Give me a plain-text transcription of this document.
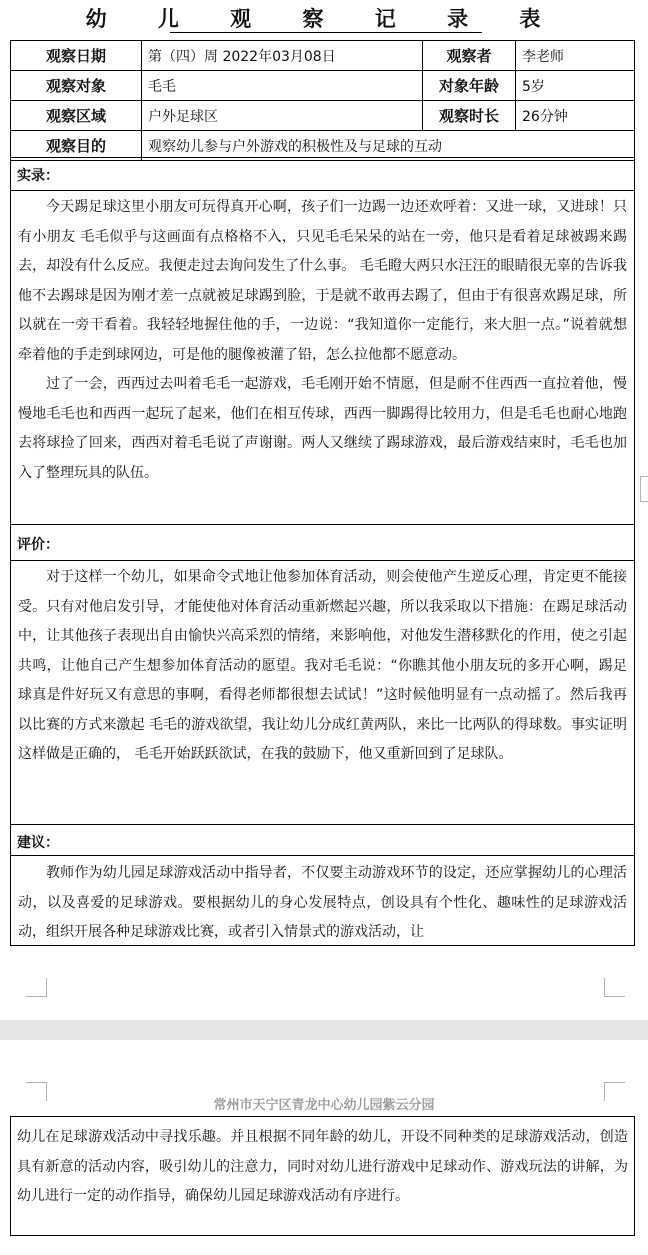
幼 儿 观 察 记 录 表
观察日期	第（四）周 2022年03月08日	观察者	李老师
观察对象	毛毛	对象年龄	5岁
观察区域	户外足球区	观察时长	26分钟
观察目的	观察幼儿参与户外游戏的积极性及与足球的互动		
实录：

今天踢足球这里小朋友可玩得真开心啊，孩子们一边踢一边还欢呼着：又进一球，又进球！只有小朋友 毛毛似乎与这画面有点格格不入，只见毛毛呆呆的站在一旁，他只是看着足球被踢来踢去，却没有什么反应。我便走过去询问发生了什么事。 毛毛瞪大两只水汪汪的眼睛很无辜的告诉我他不去踢球是因为刚才差一点就被足球踢到脸，于是就不敢再去踢了，但由于有很喜欢踢足球，所以就在一旁干看着。我轻轻地握住他的手，一边说：“我知道你一定能行，来大胆一点。”说着就想牵着他的手走到球网边，可是他的腿像被灌了铅，怎么拉他都不愿意动。

过了一会，西西过去叫着毛毛一起游戏，毛毛刚开始不情愿，但是耐不住西西一直拉着他，慢慢地毛毛也和西西一起玩了起来，他们在相互传球，西西一脚踢得比较用力，但是毛毛也耐心地跑去将球捡了回来，西西对着毛毛说了声谢谢。两人又继续了踢球游戏，最后游戏结束时，毛毛也加入了整理玩具的队伍。

评价：

对于这样一个幼儿，如果命令式地让他参加体育活动，则会使他产生逆反心理，肯定更不能接受。只有对他启发引导，才能使他对体育活动重新燃起兴趣，所以我采取以下措施：在踢足球活动中，让其他孩子表现出自由愉快兴高采烈的情绪，来影响他，对他发生潜移默化的作用，使之引起共鸣，让他自己产生想参加体育活动的愿望。我对毛毛说：“你瞧其他小朋友玩的多开心啊，踢足球真是件好玩又有意思的事啊，看得老师都很想去试试！”这时候他明显有一点动摇了。然后我再以比赛的方式来激起 毛毛的游戏欲望，我让幼儿分成红黄两队，来比一比两队的得球数。事实证明这样做是正确的， 毛毛开始跃跃欲试，在我的鼓励下，他又重新回到了足球队。

建议：

教师作为幼儿园足球游戏活动中指导者，不仅要主动游戏环节的设定，还应掌握幼儿的心理活动，以及喜爱的足球游戏。要根据幼儿的身心发展特点，创设具有个性化、趣味性的足球游戏活动，组织开展各种足球游戏比赛，或者引入情景式的游戏活动，让

常州市天宁区青龙中心幼儿园紫云分园
幼儿在足球游戏活动中寻找乐趣。并且根据不同年龄的幼儿，开设不同种类的足球游戏活动，创造具有新意的活动内容，吸引幼儿的注意力，同时对幼儿进行游戏中足球动作、游戏玩法的讲解，为幼儿进行一定的动作指导，确保幼儿园足球游戏活动有序进行。
